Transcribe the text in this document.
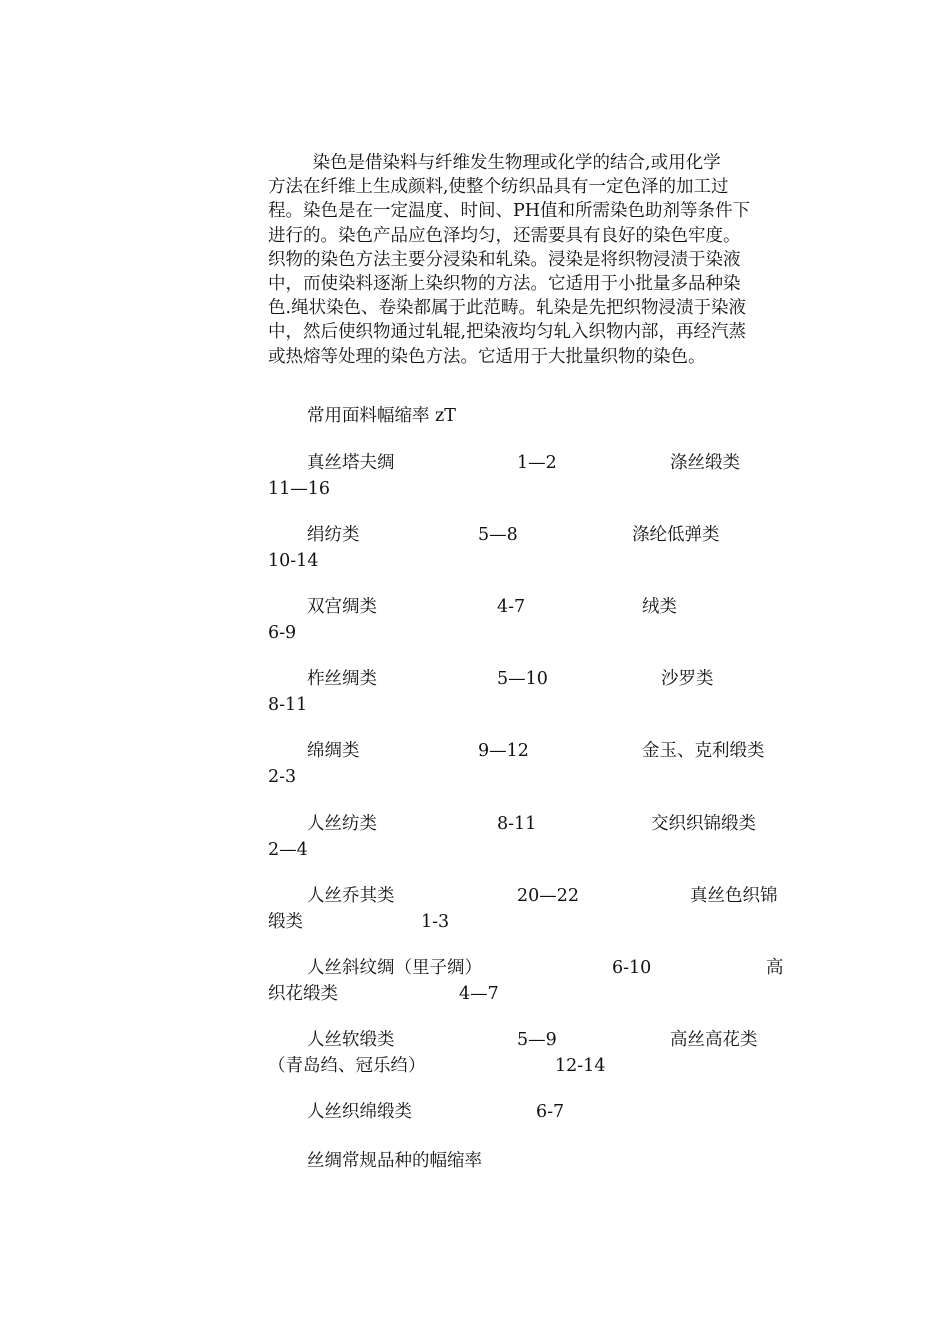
染色是借染料与纤维发生物理或化学的结合,或用化学
方法在纤维上生成颜料,使整个纺织品具有一定色泽的加工过
程。染色是在一定温度、时间、PH值和所需染色助剂等条件下
进行的。染色产品应色泽均匀，还需要具有良好的染色牢度。
织物的染色方法主要分浸染和轧染。浸染是将织物浸渍于染液
中，而使染料逐渐上染织物的方法。它适用于小批量多品种染
色.绳状染色、卷染都属于此范畴。轧染是先把织物浸渍于染液
中，然后使织物通过轧辊,把染液均匀轧入织物内部，再经汽蒸
或热熔等处理的染色方法。它适用于大批量织物的染色。

常用面料幅缩率 zT
真丝塔夫绸	1—2	涤丝缎类
11—16
绢纺类	5—8	涤纶低弹类
10-14
双宫绸类	4-7	绒类
6-9
柞丝绸类	5—10	沙罗类
8-11
绵绸类	9—12	金玉、克利缎类
2-3
人丝纺类	8-11	交织织锦缎类
2—4
人丝乔其类	20—22	真丝色织锦
缎类	1-3
人丝斜纹绸（里子绸）	6-10	高
织花缎类	4—7
人丝软缎类	5—9	高丝高花类
（青岛绉、冠乐绉）	12-14
人丝织绵缎类	6-7
丝绸常规品种的幅缩率
